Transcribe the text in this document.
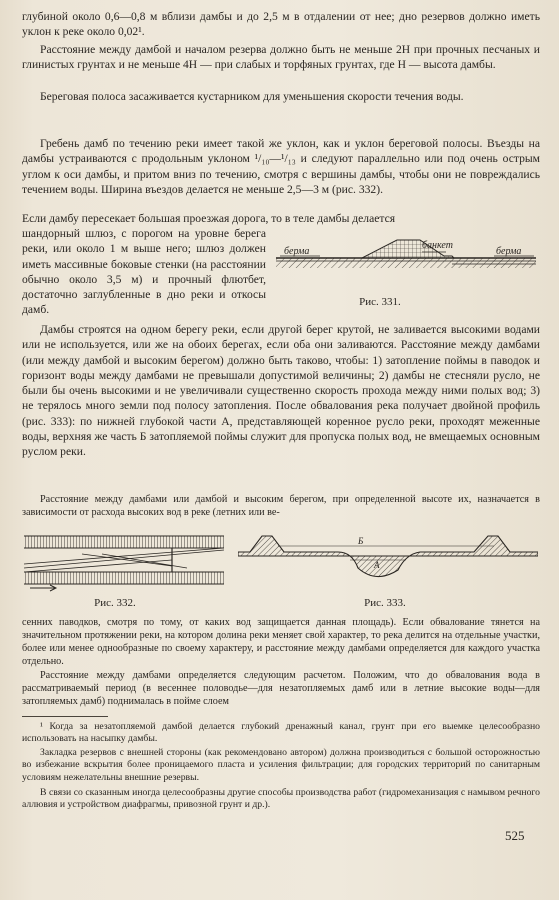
глубиной около 0,6—0,8 м вблизи дамбы и до 2,5 м в отдалении от нее; дно резервов должно иметь уклон к реке около 0,02¹.

Расстояние между дамбой и началом резерва должно быть не меньше 2H при прочных песчаных и глинистых грунтах и не меньше 4H — при слабых и торфяных грунтах, где H — высота дамбы.

Береговая полоса засаживается кустарником для уменьшения скорости течения воды.

Гребень дамб по течению реки имеет такой же уклон, как и уклон береговой полосы. Въезды на дамбы устраиваются с продольным уклоном ¹/₁₀—¹/₁₃ и следуют параллельно или под очень острым углом к оси дамбы, и притом вниз по течению, смотря с вершины дамбы, чтобы они не повреждались течением воды. Ширина въездов делается не меньше 2,5—3 м (рис. 332).

Если дамбу пересекает большая проезжая дорога, то в теле дамбы делается

шандорный шлюз, с порогом на уровне берега реки, или около 1 м выше него; шлюз должен иметь массивные боковые стенки (на расстоянии обычно около 3,5 м) и прочный флютбет, достаточно заглубленные в дно реки и откосы дамб.

берма
банкет
берма
Рис. 331.

Дамбы строятся на одном берегу реки, если другой берег крутой, не заливается высокими водами или не используется, или же на обоих берегах, если оба они заливаются. Расстояние между дамбами (или между дамбой и высоким берегом) должно быть таково, чтобы: 1) затопление поймы в паводок и горизонт воды между дамбами не превышали допустимой величины; 2) дамбы не стесняли русло, не были бы очень высокими и не увеличивали существенно скорость прохода между ними полых вод; 3) не терялось много земли под полосу затопления. После обвалования река получает двойной профиль (рис. 333): по нижней глубокой части A, представляющей коренное русло реки, проходят меженные воды, верхняя же часть Б затопляемой поймы служит для пропуска полых вод, не вмещаемых основным руслом реки.

Расстояние между дамбами или дамбой и высоким берегом, при определенной высоте их, назначается в зависимости от расхода высоких вод в реке (летних или ве-

Рис. 332.
Б
А
Рис. 333.

сенних паводков, смотря по тому, от каких вод защищается данная площадь). Если обвалование тянется на значительном протяжении реки, на котором долина реки меняет свой характер, то река делится на отдельные участки, более или менее однообразные по своему характеру, и расстояние между дамбами определяется для каждого участка отдельно.

Расстояние между дамбами определяется следующим расчетом. Положим, что до обвалования вода в рассматриваемый период (в весеннее половодье—для незатопляемых дамб или в летние высокие воды—для затопляемых дамб) поднималась в пойме слоем

¹ Когда за незатопляемой дамбой делается глубокий дренажный канал, грунт при его выемке целесообразно использовать на насыпку дамбы.

Закладка резервов с внешней стороны (как рекомендовано автором) должна производиться с большой осторожностью во избежание вскрытия более проницаемого пласта и усиления фильтрации; для городских территорий по санитарным условиям нежелательны внешние резервы.

В связи со сказанным иногда целесообразны другие способы производства работ (гидромеханизация с намывом речного аллювия и устройством диафрагмы, привозной грунт и др.).

525
